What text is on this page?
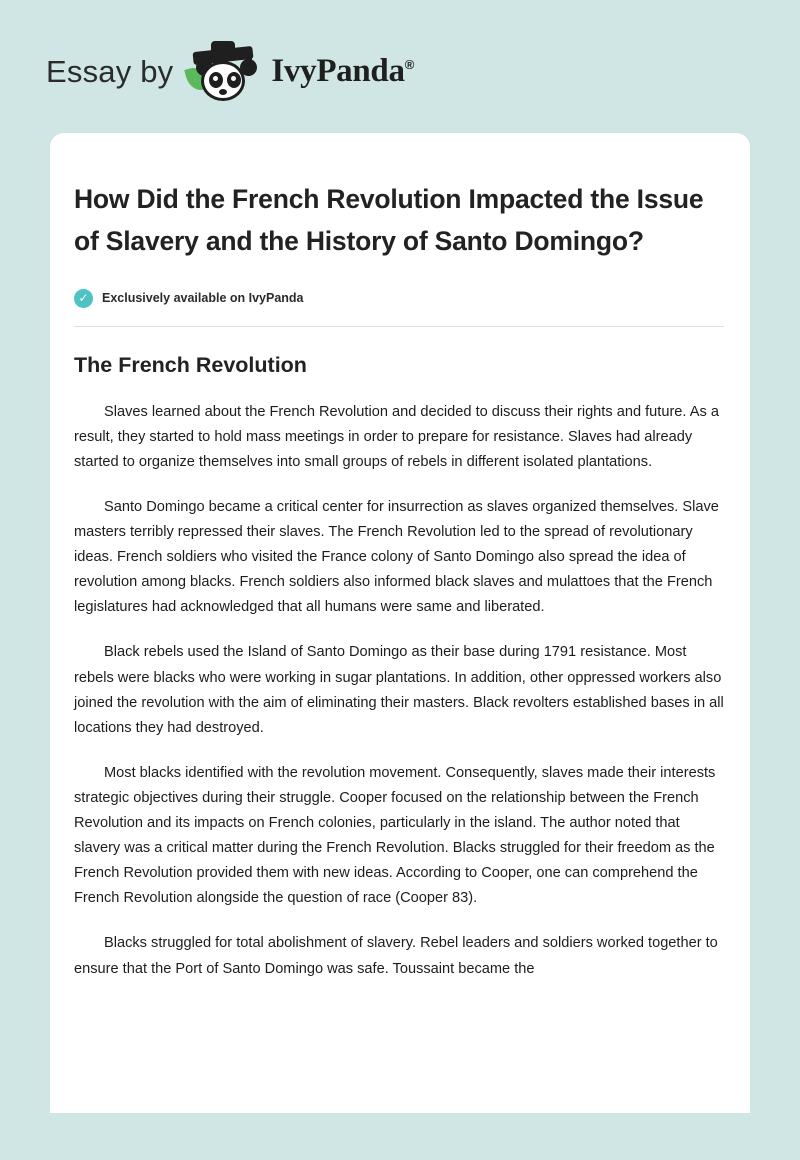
Essay by	IvyPanda®
How Did the French Revolution Impacted the Issue of Slavery and the History of Santo Domingo?
✓	Exclusively available on IvyPanda
The French Revolution

Slaves learned about the French Revolution and decided to discuss their rights and future. As a result, they started to hold mass meetings in order to prepare for resistance. Slaves had already started to organize themselves into small groups of rebels in different isolated plantations.

Santo Domingo became a critical center for insurrection as slaves organized themselves. Slave masters terribly repressed their slaves. The French Revolution led to the spread of revolutionary ideas. French soldiers who visited the France colony of Santo Domingo also spread the idea of revolution among blacks. French soldiers also informed black slaves and mulattoes that the French legislatures had acknowledged that all humans were same and liberated.

Black rebels used the Island of Santo Domingo as their base during 1791 resistance. Most rebels were blacks who were working in sugar plantations. In addition, other oppressed workers also joined the revolution with the aim of eliminating their masters. Black revolters established bases in all locations they had destroyed.

Most blacks identified with the revolution movement. Consequently, slaves made their interests strategic objectives during their struggle. Cooper focused on the relationship between the French Revolution and its impacts on French colonies, particularly in the island. The author noted that slavery was a critical matter during the French Revolution. Blacks struggled for their freedom as the French Revolution provided them with new ideas. According to Cooper, one can comprehend the French Revolution alongside the question of race (Cooper 83).

Blacks struggled for total abolishment of slavery. Rebel leaders and soldiers worked together to ensure that the Port of Santo Domingo was safe. Toussaint became the
